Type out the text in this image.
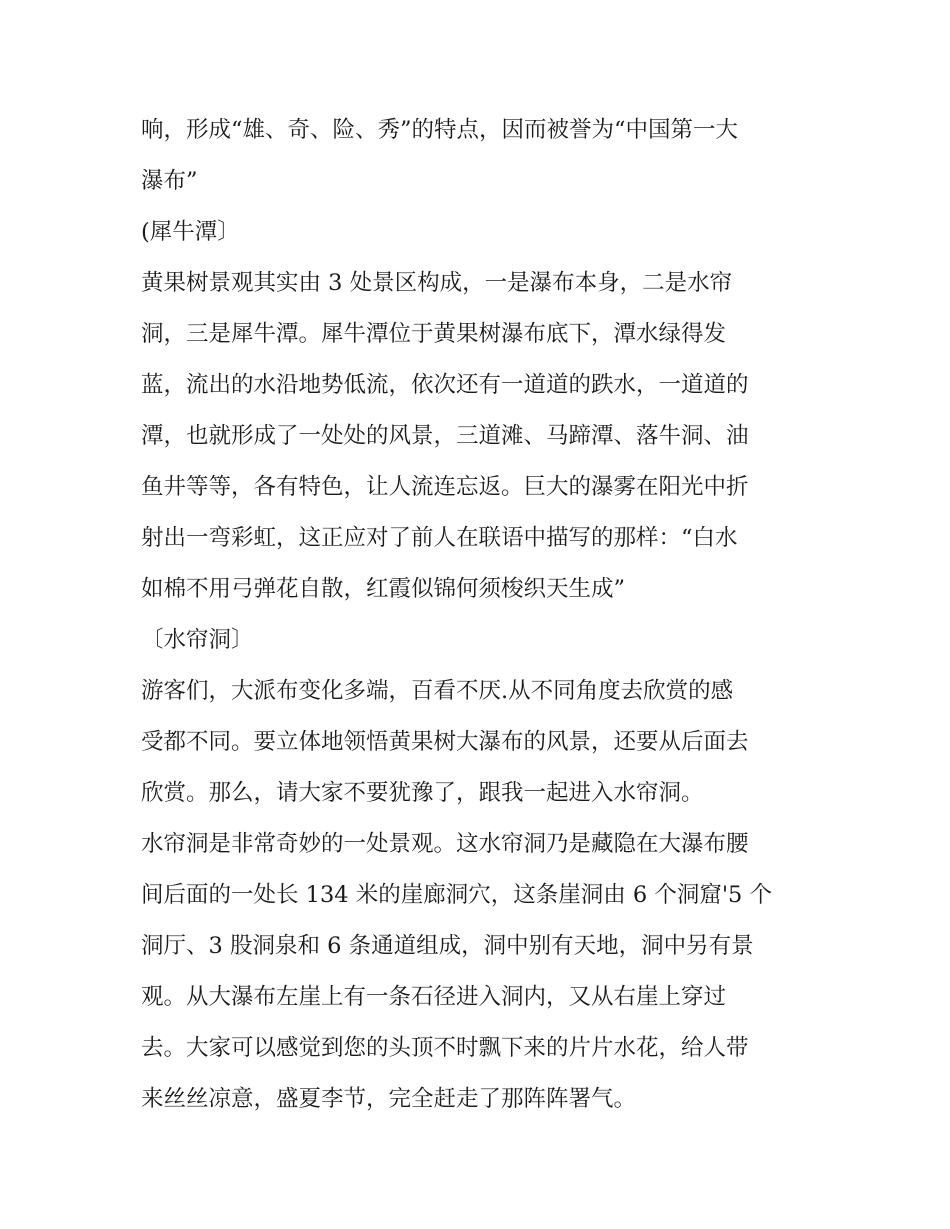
响，形成“雄、奇、险、秀”的特点，因而被誉为“中国第一大
瀑布”
(犀牛潭〕
黄果树景观其实由 3 处景区构成，一是瀑布本身，二是水帘
洞，三是犀牛潭。犀牛潭位于黄果树瀑布底下，潭水绿得发
蓝，流出的水沿地势低流，依次还有一道道的跌水，一道道的
潭，也就形成了一处处的风景，三道滩、马蹄潭、落牛洞、油
鱼井等等，各有特色，让人流连忘返。巨大的瀑雾在阳光中折
射出一弯彩虹，这正应对了前人在联语中描写的那样：“白水
如棉不用弓弹花自散，红霞似锦何须梭织天生成”
〔水帘洞〕
游客们，大派布变化多端，百看不厌.从不同角度去欣赏的感
受都不同。要立体地领悟黄果树大瀑布的风景，还要从后面去
欣赏。那么，请大家不要犹豫了，跟我一起进入水帘洞。
水帘洞是非常奇妙的一处景观。这水帘洞乃是藏隐在大瀑布腰
间后面的一处长 134 米的崖廊洞穴，这条崖洞由 6 个洞窟'5 个
洞厅、3 股洞泉和 6 条通道组成，洞中别有天地，洞中另有景
观。从大瀑布左崖上有一条石径进入洞内，又从右崖上穿过
去。大家可以感觉到您的头顶不时飘下来的片片水花，给人带
来丝丝凉意，盛夏李节，完全赶走了那阵阵署气。
